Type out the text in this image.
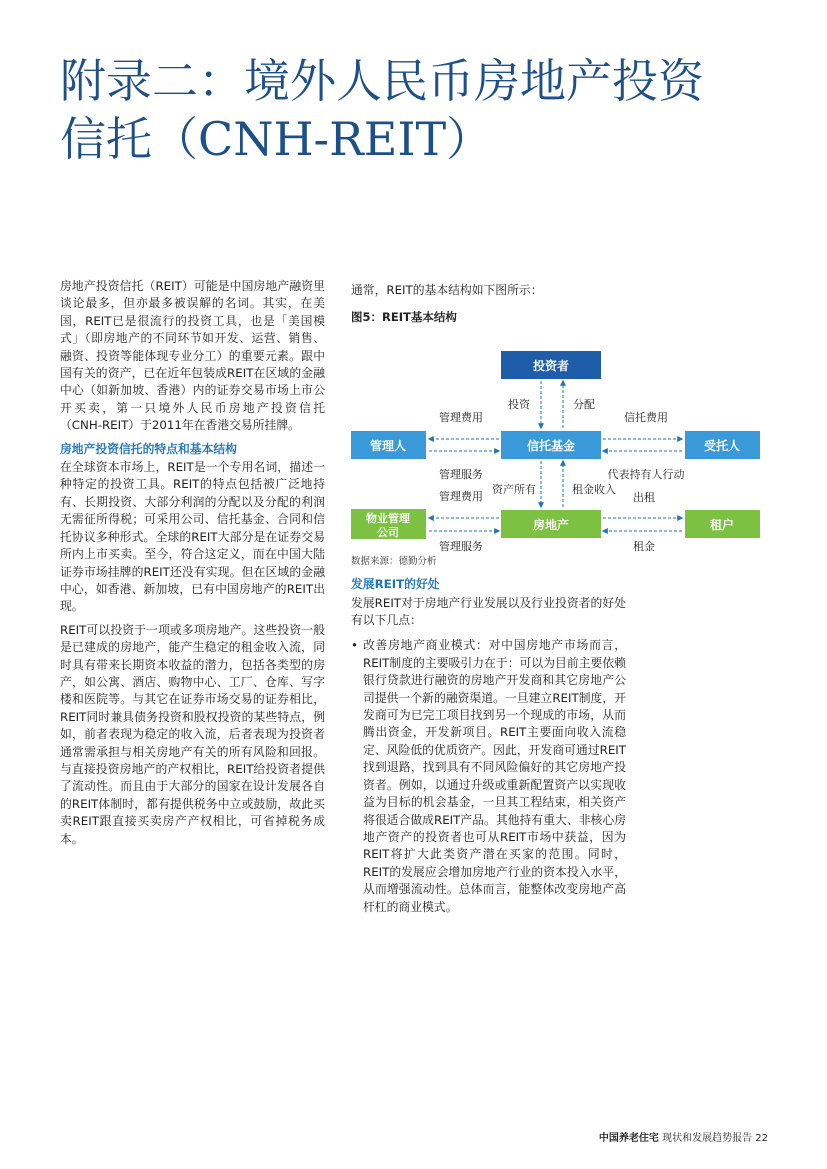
附录二：境外人民币房地产投资
信托（CNH-REIT）

房地产投资信托（REIT）可能是中国房地产融资里谈论最多，但亦最多被误解的名词。其实，在美国，REIT已是很流行的投资工具，也是「美国模式」（即房地产的不同环节如开发、运营、销售、融资、投资等能体现专业分工）的重要元素。跟中国有关的资产，已在近年包装成REIT在区域的金融中心（如新加坡、香港）内的证券交易市场上市公开买卖，第一只境外人民币房地产投资信托（CNH-REIT）于2011年在香港交易所挂牌。

房地产投资信托的特点和基本结构

在全球资本市场上，REIT是一个专用名词，描述一种特定的投资工具。REIT的特点包括被广泛地持有、长期投资、大部分利润的分配以及分配的利润无需征所得税；可采用公司、信托基金、合同和信托协议多种形式。全球的REIT大部分是在证券交易所内上市买卖。至今，符合这定义，而在中国大陆证券市场挂牌的REIT还没有实现。但在区域的金融中心，如香港、新加坡，已有中国房地产的REIT出现。

REIT可以投资于一项或多项房地产。这些投资一般是已建成的房地产，能产生稳定的租金收入流，同时具有带来长期资本收益的潜力，包括各类型的房产，如公寓、酒店、购物中心、工厂、仓库、写字楼和医院等。与其它在证券市场交易的证券相比，REIT同时兼具债务投资和股权投资的某些特点，例如，前者表现为稳定的收入流，后者表现为投资者通常需承担与相关房地产有关的所有风险和回报。与直接投资房地产的产权相比，REIT给投资者提供了流动性。而且由于大部分的国家在设计发展各自的REIT体制时，都有提供税务中立或鼓励，故此买卖REIT跟直接买卖房产产权相比，可省掉税务成本。

通常，REIT的基本结构如下图所示：

图5：REIT基本结构
投资者
管理人	信托基金	受托人
物业管理
公司
房地产	租户
投资	分配
管理费用	信托费用
管理服务	代表持有人行动
管理费用
资产所有	租金收入
出租
管理服务	租金

数据来源：德勤分析

发展REIT的好处

发展REIT对于房地产行业发展以及行业投资者的好处有以下几点：

• 改善房地产商业模式：对中国房地产市场而言，REIT制度的主要吸引力在于：可以为目前主要依赖银行贷款进行融资的房地产开发商和其它房地产公司提供一个新的融资渠道。一旦建立REIT制度，开发商可为已完工项目找到另一个现成的市场，从而腾出资金，开发新项目。REIT主要面向收入流稳定、风险低的优质资产。因此，开发商可通过REIT找到退路，找到具有不同风险偏好的其它房地产投资者。例如，以通过升级或重新配置资产以实现收益为目标的机会基金，一旦其工程结束，相关资产将很适合做成REIT产品。其他持有重大、非核心房地产资产的投资者也可从REIT市场中获益，因为REIT将扩大此类资产潜在买家的范围。同时，REIT的发展应会增加房地产行业的资本投入水平，从而增强流动性。总体而言，能整体改变房地产高杆杠的商业模式。
中国养老住宅 现状和发展趋势报告 22
